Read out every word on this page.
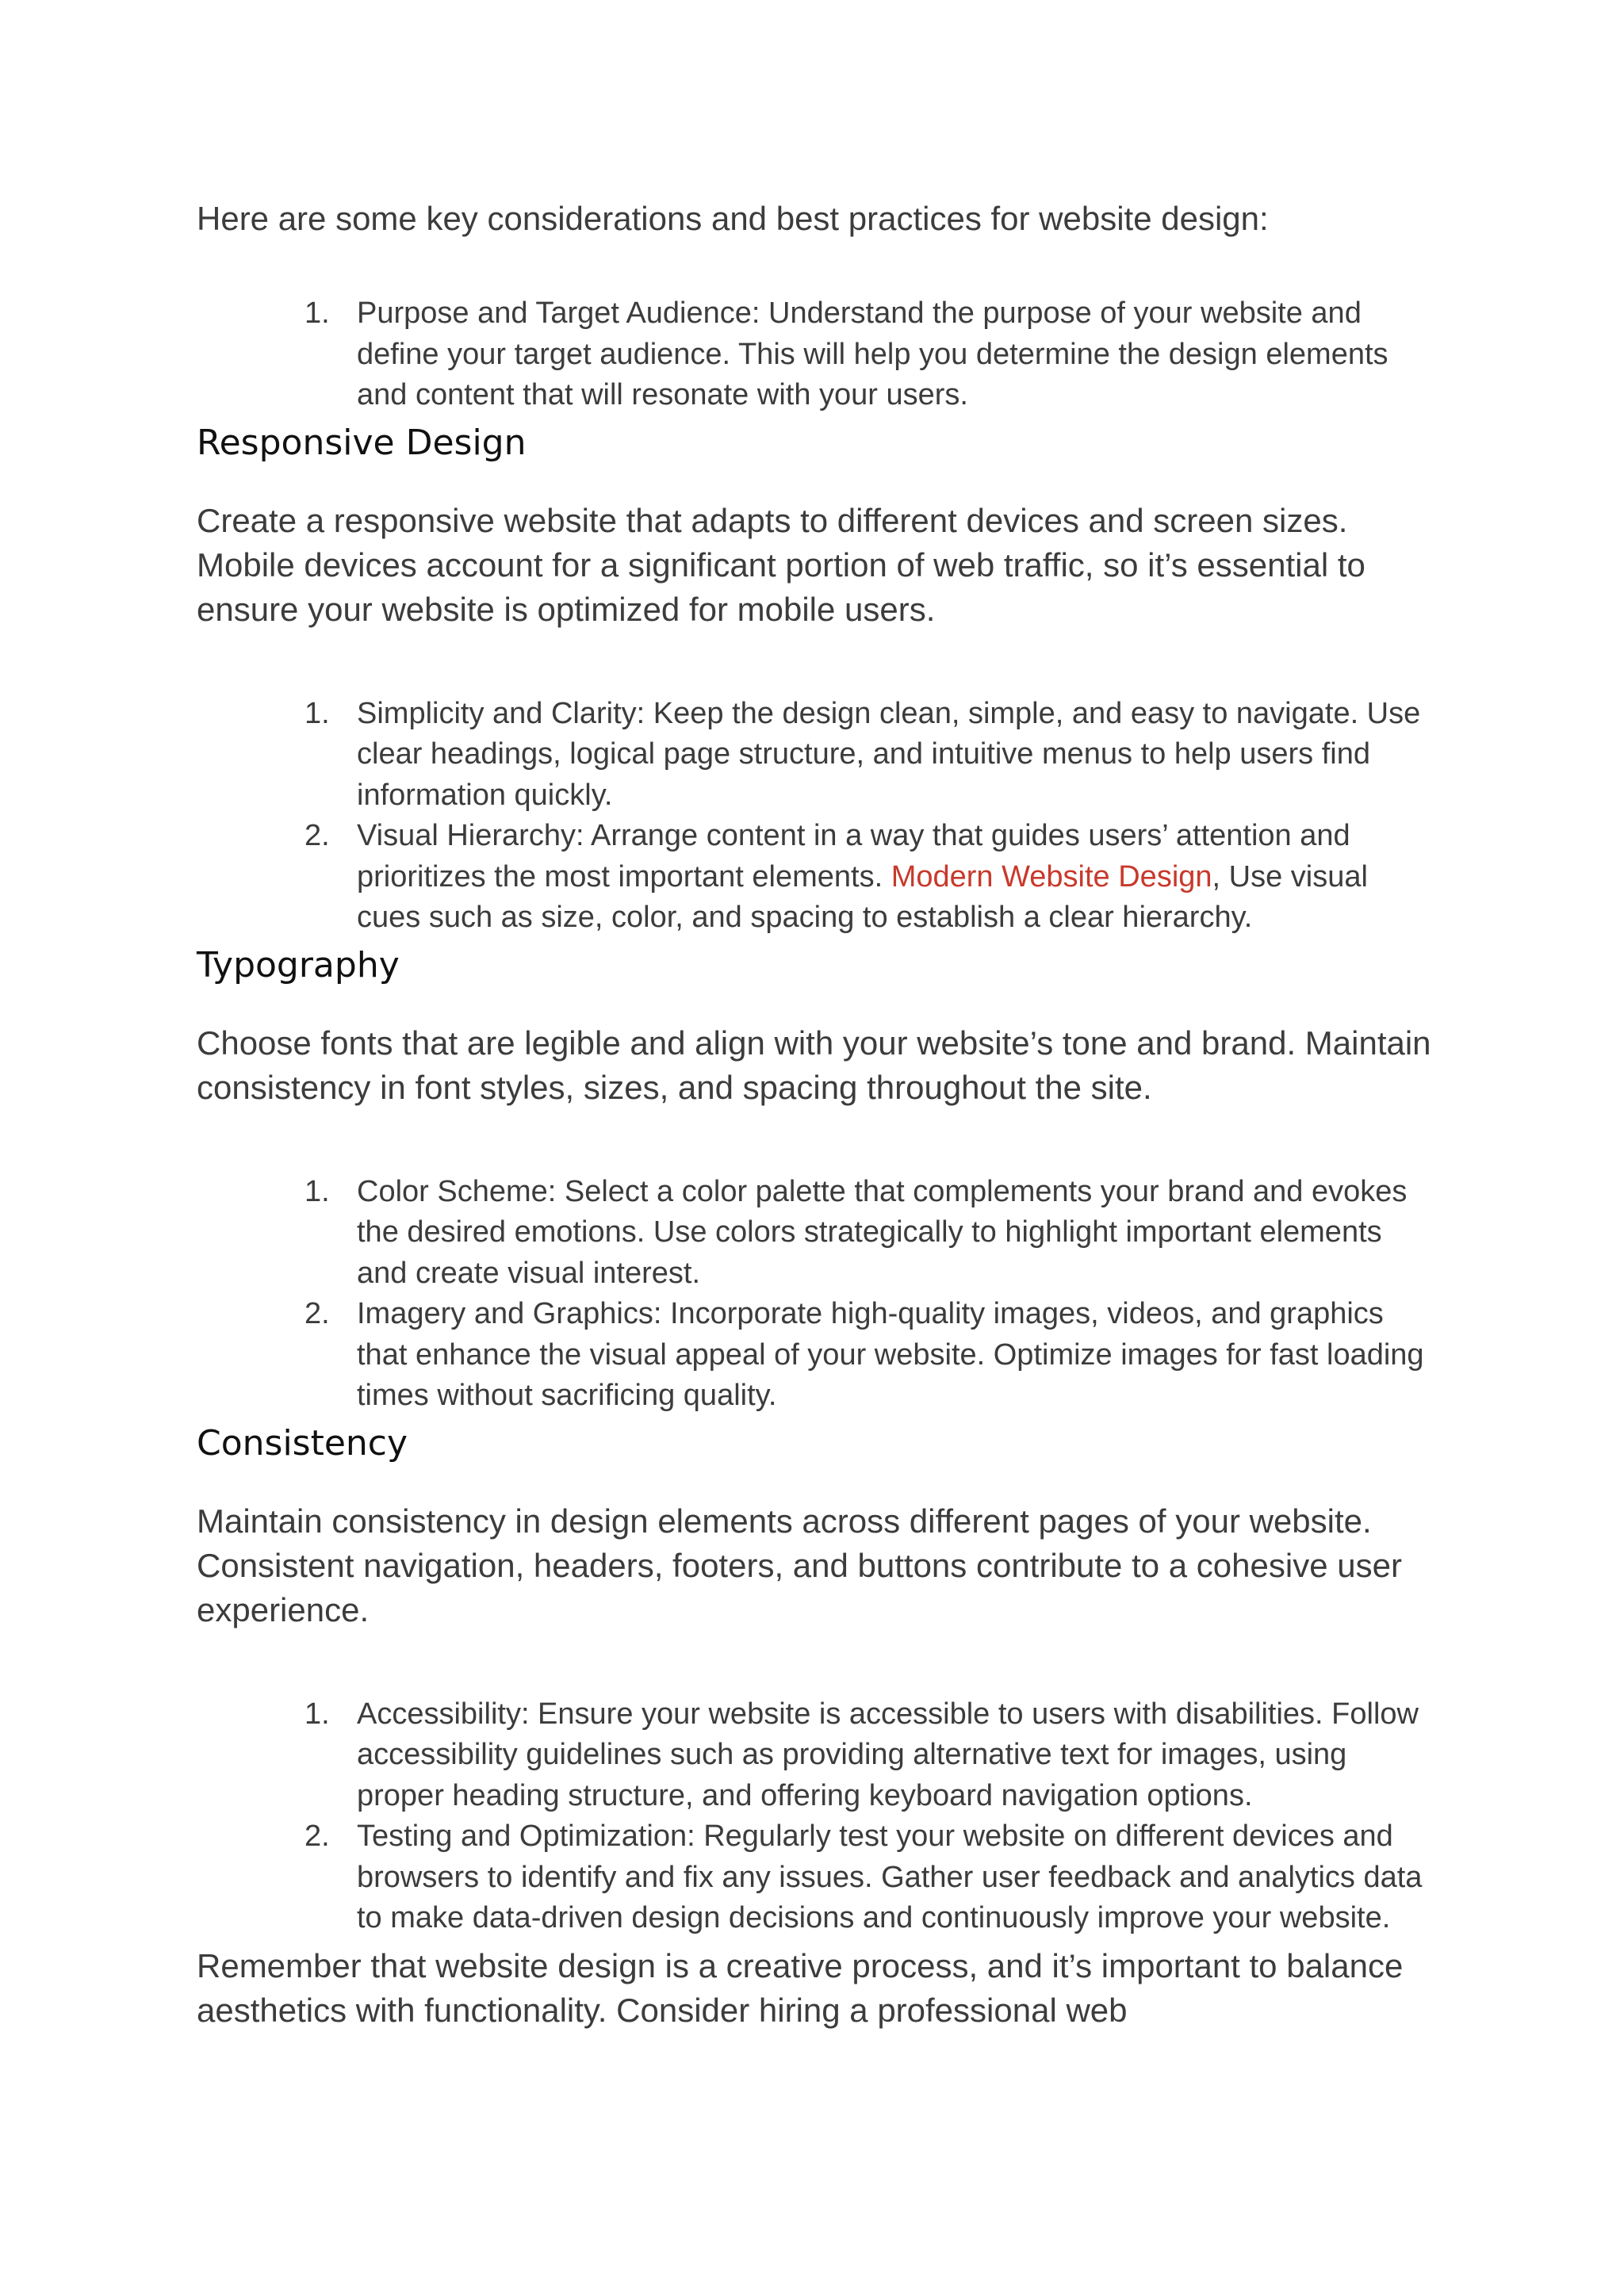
Here are some key considerations and best practices for website design:

1. Purpose and Target Audience: Understand the purpose of your website and define your target audience. This will help you determine the design elements and content that will resonate with your users.
Responsive Design

Create a responsive website that adapts to different devices and screen sizes. Mobile devices account for a significant portion of web traffic, so it’s essential to ensure your website is optimized for mobile users.

1. Simplicity and Clarity: Keep the design clean, simple, and easy to navigate. Use clear headings, logical page structure, and intuitive menus to help users find information quickly.
2. Visual Hierarchy: Arrange content in a way that guides users’ attention and prioritizes the most important elements. Modern Website Design, Use visual cues such as size, color, and spacing to establish a clear hierarchy.
Typography

Choose fonts that are legible and align with your website’s tone and brand. Maintain consistency in font styles, sizes, and spacing throughout the site.

1. Color Scheme: Select a color palette that complements your brand and evokes the desired emotions. Use colors strategically to highlight important elements and create visual interest.
2. Imagery and Graphics: Incorporate high-quality images, videos, and graphics that enhance the visual appeal of your website. Optimize images for fast loading times without sacrificing quality.
Consistency

Maintain consistency in design elements across different pages of your website. Consistent navigation, headers, footers, and buttons contribute to a cohesive user experience.

1. Accessibility: Ensure your website is accessible to users with disabilities. Follow accessibility guidelines such as providing alternative text for images, using proper heading structure, and offering keyboard navigation options.
2. Testing and Optimization: Regularly test your website on different devices and browsers to identify and fix any issues. Gather user feedback and analytics data to make data-driven design decisions and continuously improve your website.

Remember that website design is a creative process, and it’s important to balance aesthetics with functionality. Consider hiring a professional web
